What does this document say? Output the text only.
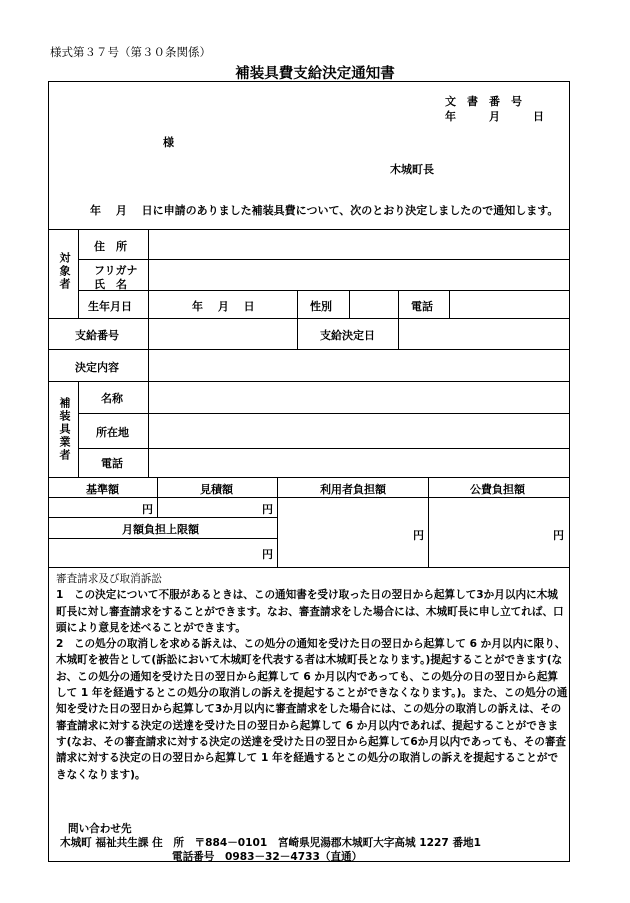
様式第３７号（第３０条関係）
補装具費支給決定通知書
文　書　番　号
年　　　月　　　日
様
木城町長
年　 月　 日に申請のありました補装具費について、次のとおり決定しましたので通知します。
対象者
住　所
フリガナ
氏　名
生年月日	年　 月　 日	性別	電話
支給番号	支給決定日
決定内容
補装具業者	名称
所在地
電話
基準額	見積額	利用者負担額	公費負担額
円	円
月額負担上限額
円
円	円

審査請求及び取消訴訟

1　この決定について不服があるときは、この通知書を受け取った日の翌日から起算して3か月以内に木城町長に対し審査請求をすることができます。なお、審査請求をした場合には、木城町長に申し立てれば、口頭により意見を述べることができます。

2　この処分の取消しを求める訴えは、この処分の通知を受けた日の翌日から起算して 6 か月以内に限り、木城町を被告として(訴訟において木城町を代表する者は木城町長となります。)提起することができます(なお、この処分の通知を受けた日の翌日から起算して 6 か月以内であっても、この処分の日の翌日から起算して 1 年を経過するとこの処分の取消しの訴えを提起することができなくなります。)。また、この処分の通知を受けた日の翌日から起算して3か月以内に審査請求をした場合には、この処分の取消しの訴えは、その審査請求に対する決定の送達を受けた日の翌日から起算して 6 か月以内であれば、提起することができます(なお、その審査請求に対する決定の送達を受けた日の翌日から起算して6か月以内であっても、その審査請求に対する決定の日の翌日から起算して 1 年を経過するとこの処分の取消しの訴えを提起することができなくなります)。

問い合わせ先
木城町 福祉共生課 住　所　〒884－0101　宮崎県児湯郡木城町大字高城 1227 番地1
電話番号　0983－32－4733（直通）
